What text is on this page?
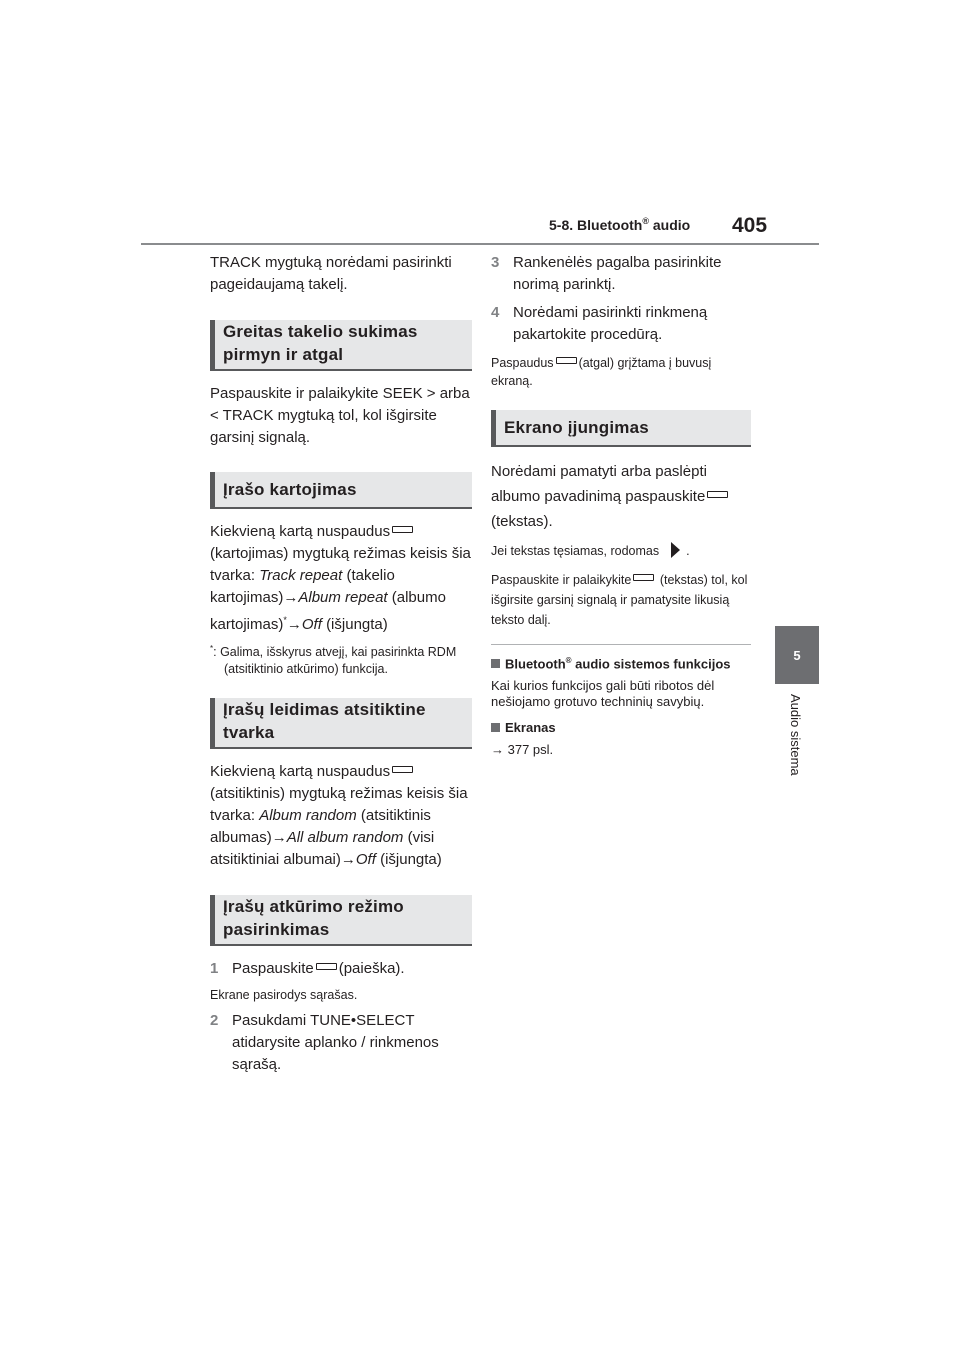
5-8. Bluetooth® audio 405
5
Audio sistema

TRACK mygtuką norėdami pasirinkti pageidaujamą takelį.

Greitas takelio sukimas pirmyn ir atgal

Paspauskite ir palaikykite SEEK > arba < TRACK mygtuką tol, kol išgirsite garsinį signalą.

Įrašo kartojimas

Kiekvieną kartą nuspaudus (kartojimas) mygtuką režimas keisis šia tvarka: Track repeat (takelio kartojimas)→Album repeat (albumo kartojimas)*→Off (išjungta)

*: Galima, išskyrus atvejį, kai pasirinkta RDM (atsitiktinio atkūrimo) funkcija.

Įrašų leidimas atsitiktine tvarka

Kiekvieną kartą nuspaudus (atsitiktinis) mygtuką režimas keisis šia tvarka: Album random (atsitiktinis albumas)→All album random (visi atsitiktiniai albumai)→Off (išjungta)

Įrašų atkūrimo režimo pasirinkimas

1 Paspauskite (paieška).

Ekrane pasirodys sąrašas.

2 Pasukdami TUNE•SELECT atidarysite aplanko / rinkmenos sąrašą.

3 Rankenėlės pagalba pasirinkite norimą parinktį.

4 Norėdami pasirinkti rinkmeną pakartokite procedūrą.

Paspaudus (atgal) grįžtama į buvusį ekraną.

Ekrano įjungimas

Norėdami pamatyti arba paslėpti albumo pavadinimą paspauskite (tekstas).

Jei tekstas tęsiamas, rodomas .

Paspauskite ir palaikykite (tekstas) tol, kol išgirsite garsinį signalą ir pamatysite likusią teksto dalį.

Bluetooth® audio sistemos funkcijos

Kai kurios funkcijos gali būti ribotos dėl nešiojamo grotuvo techninių savybių.

Ekranas

→ 377 psl.
